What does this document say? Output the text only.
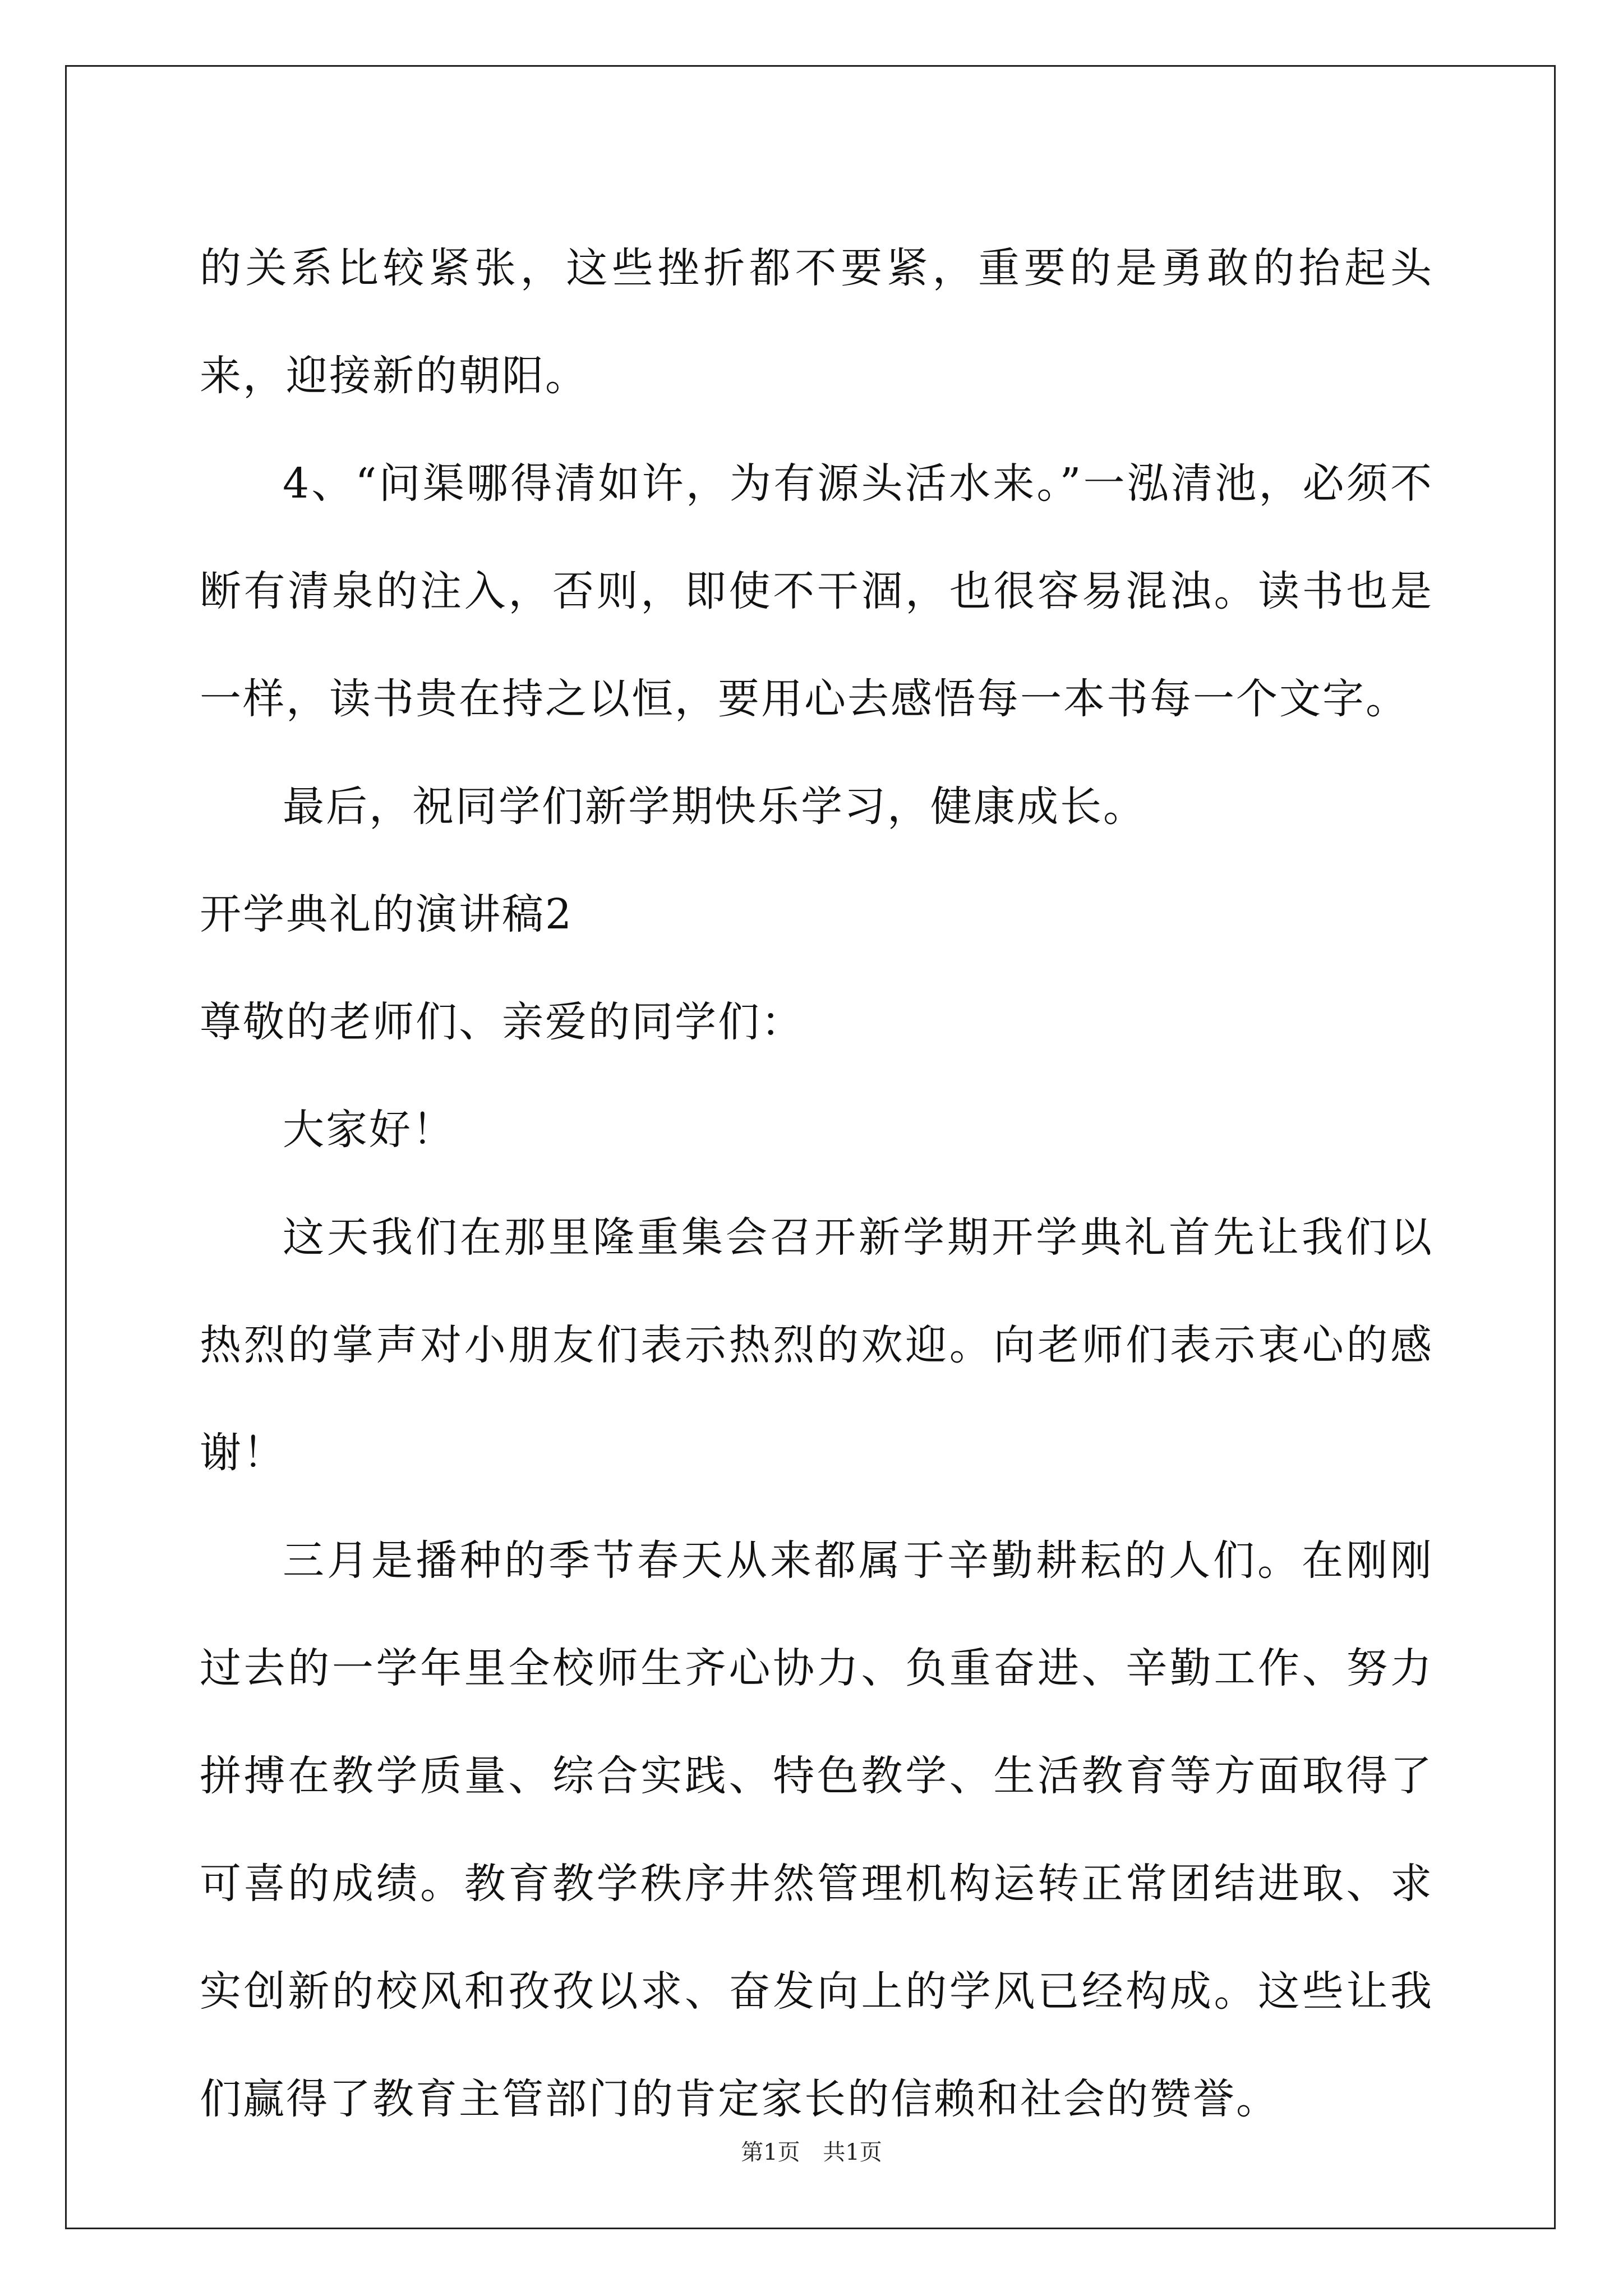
的关系比较紧张，这些挫折都不要紧，重要的是勇敢的抬起头来，迎接新的朝阳。

4、“问渠哪得清如许，为有源头活水来。”一泓清池，必须不断有清泉的注入，否则，即使不干涸，也很容易混浊。读书也是一样，读书贵在持之以恒，要用心去感悟每一本书每一个文字。

最后，祝同学们新学期快乐学习，健康成长。

开学典礼的演讲稿2

尊敬的老师们、亲爱的同学们：

大家好！

这天我们在那里隆重集会召开新学期开学典礼首先让我们以热烈的掌声对小朋友们表示热烈的欢迎。向老师们表示衷心的感谢！

三月是播种的季节春天从来都属于辛勤耕耘的人们。在刚刚过去的一学年里全校师生齐心协力、负重奋进、辛勤工作、努力拼搏在教学质量、综合实践、特色教学、生活教育等方面取得了可喜的成绩。教育教学秩序井然管理机构运转正常团结进取、求实创新的校风和孜孜以求、奋发向上的学风已经构成。这些让我们赢得了教育主管部门的肯定家长的信赖和社会的赞誉。

第1页 共1页
